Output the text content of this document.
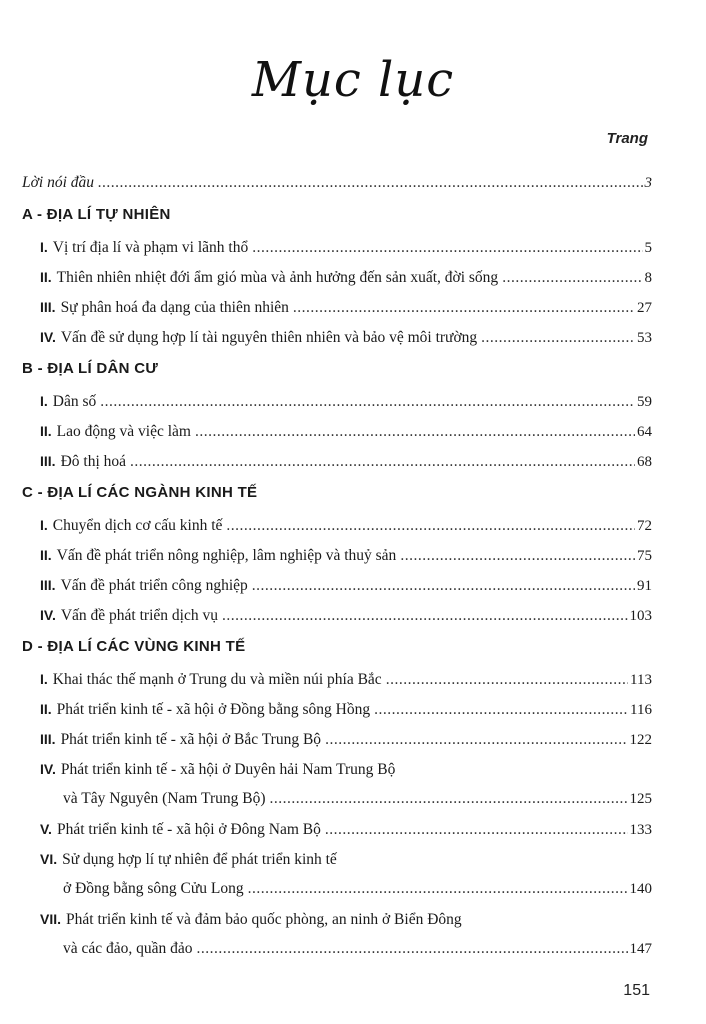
Mục lục
Trang
Lời nói đầu .....	3
A - ĐỊA LÍ TỰ NHIÊN
I. Vị trí địa lí và phạm vi lãnh thổ .....	5
II. Thiên nhiên nhiệt đới ẩm gió mùa và ảnh hưởng đến sản xuất, đời sống .....	8
III. Sự phân hoá đa dạng của thiên nhiên .....	27
IV. Vấn đề sử dụng hợp lí tài nguyên thiên nhiên và bảo vệ môi trường .....	53
B - ĐỊA LÍ DÂN CƯ
I. Dân số .....	59
II. Lao động và việc làm .....	64
III. Đô thị hoá .....	68
C - ĐỊA LÍ CÁC NGÀNH KINH TẾ
I. Chuyển dịch cơ cấu kinh tế .....	72
II. Vấn đề phát triển nông nghiệp, lâm nghiệp và thuỷ sản .....	75
III. Vấn đề phát triển công nghiệp .....	91
IV. Vấn đề phát triển dịch vụ .....	103
D - ĐỊA LÍ CÁC VÙNG KINH TẾ
I. Khai thác thế mạnh ở Trung du và miền núi phía Bắc .....	113
II. Phát triển kinh tế - xã hội ở Đồng bằng sông Hồng .....	116
III. Phát triển kinh tế - xã hội ở Bắc Trung Bộ .....	122
IV. Phát triển kinh tế - xã hội ở Duyên hải Nam Trung Bộ
và Tây Nguyên (Nam Trung Bộ) .....	125
V. Phát triển kinh tế - xã hội ở Đông Nam Bộ .....	133
VI. Sử dụng hợp lí tự nhiên để phát triển kinh tế
ở Đồng bằng sông Cửu Long .....	140
VII. Phát triển kinh tế và đảm bảo quốc phòng, an ninh ở Biển Đông
và các đảo, quần đảo .....	147
151
